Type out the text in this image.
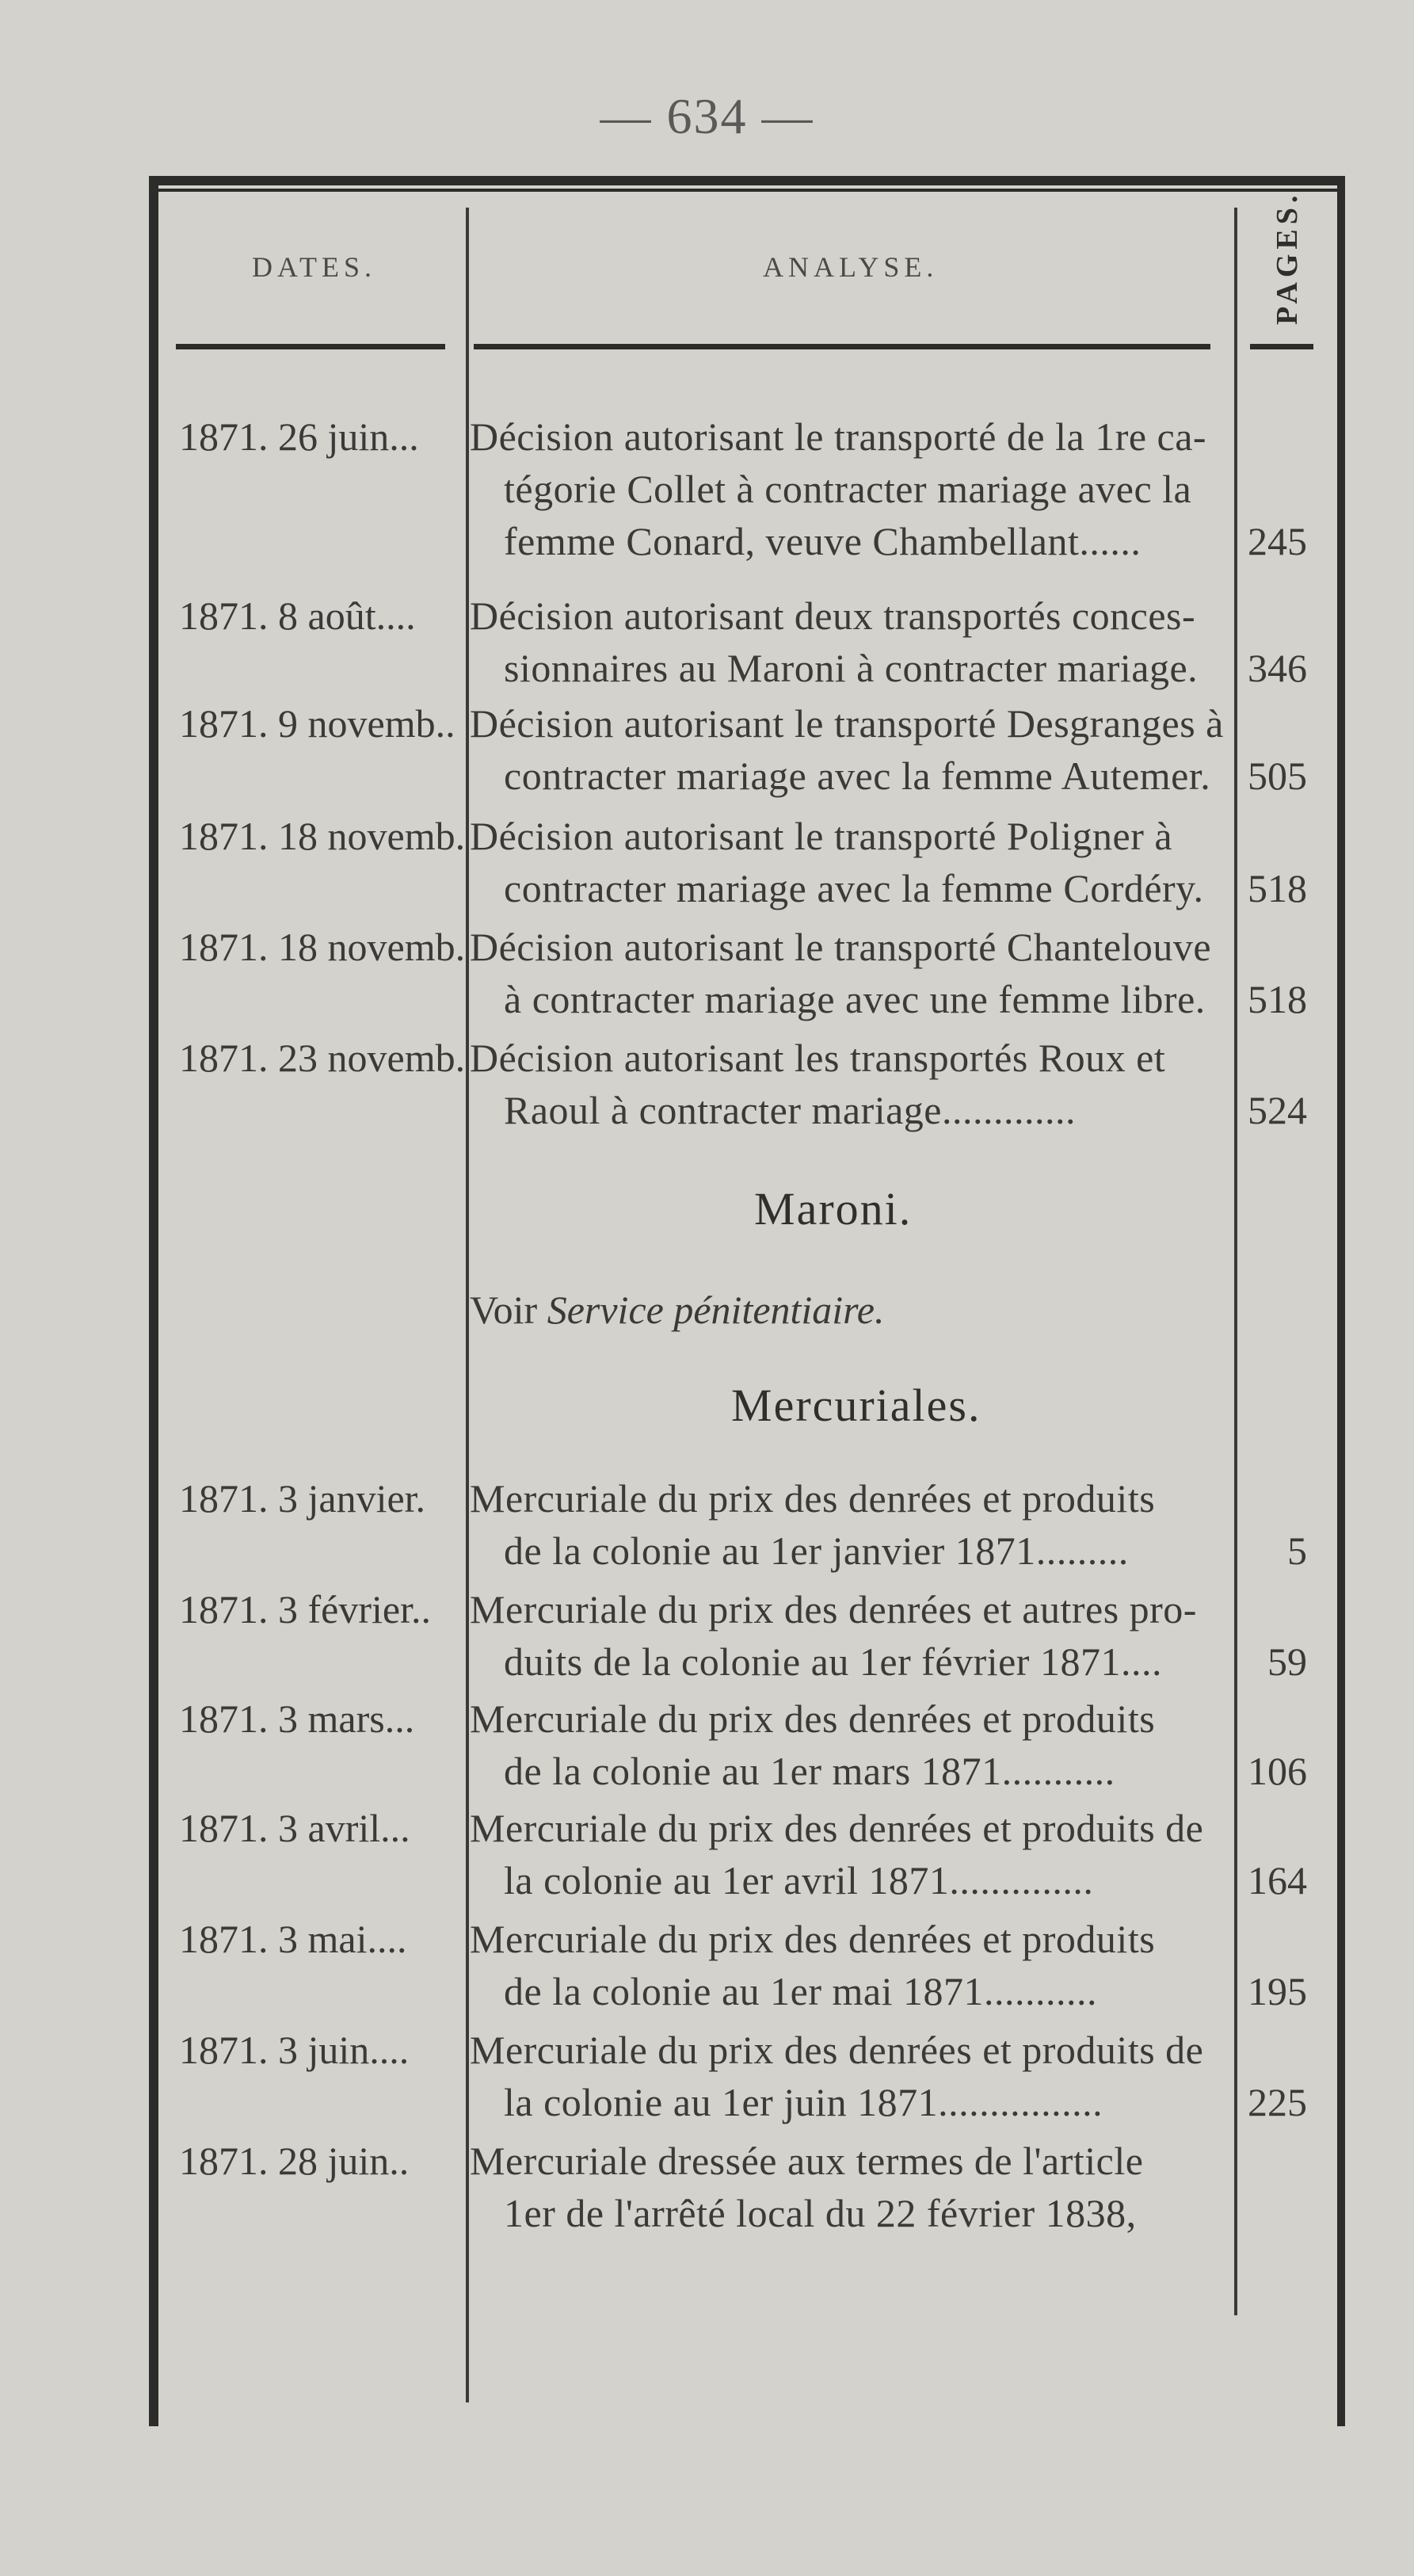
— 634 —
DATES.	ANALYSE.	PAGES.
1871. 26 juin... Décision autorisant le transporté de la 1re ca-
tégorie Collet à contracter mariage avec la
femme Conard, veuve Chambellant......	245
1871. 8 août.... Décision autorisant deux transportés conces-
sionnaires au Maroni à contracter mariage. 346
1871. 9 novemb.. Décision autorisant le transporté Desgranges à
contracter mariage avec la femme Autemer. 505
1871. 18 novemb. Décision autorisant le transporté Poligner à
contracter mariage avec la femme Cordéry. 518
1871. 18 novemb. Décision autorisant le transporté Chantelouve
à contracter mariage avec une femme libre. 518
1871. 23 novemb. Décision autorisant les transportés Roux et
Raoul à contracter mariage.............	524
Maroni.
Voir Service pénitentiaire.
Mercuriales.
1871. 3 janvier. Mercuriale du prix des denrées et produits
de la colonie au 1er janvier 1871.........	5
1871. 3 février.. Mercuriale du prix des denrées et autres pro-
duits de la colonie au 1er février 1871....	59
1871. 3 mars... Mercuriale du prix des denrées et produits
de la colonie au 1er mars 1871...........	106
1871. 3 avril... Mercuriale du prix des denrées et produits de
la colonie au 1er avril 1871..............	164
1871. 3 mai.... Mercuriale du prix des denrées et produits
de la colonie au 1er mai 1871...........	195
1871. 3 juin.... Mercuriale du prix des denrées et produits de
la colonie au 1er juin 1871................	225
1871. 28 juin.. Mercuriale dressée aux termes de l'article
1er de l'arrêté local du 22 février 1838,
